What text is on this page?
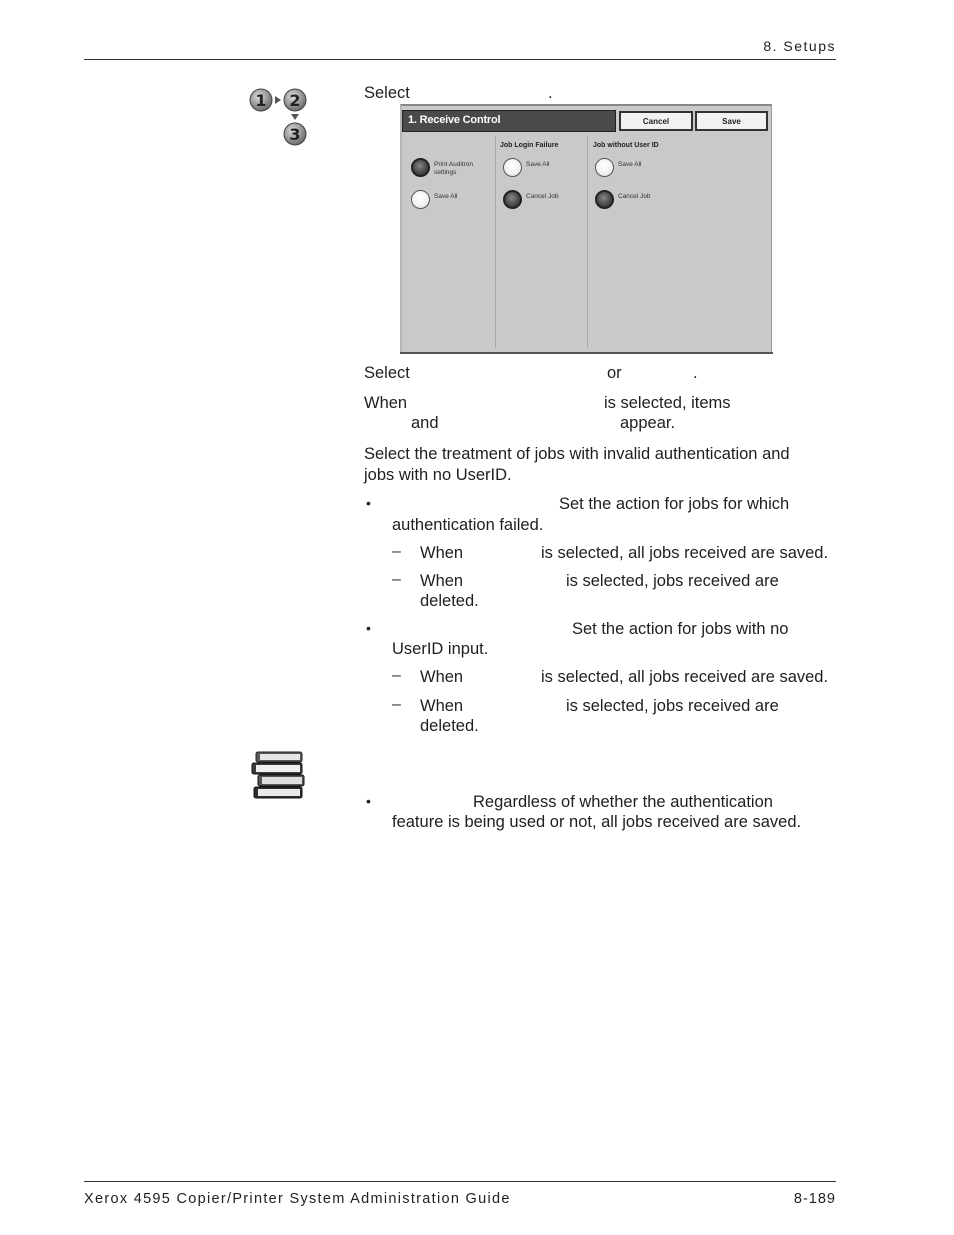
8. Setups
1 2
3
Select	.
1. Receive Control	Cancel	Save
Job Login Failure	Job without User ID
Print Auditron settings
Save All
Save All
Cancel Job
Save All
Cancel Job
Select	or	.
When	is selected, items
and	appear.
Select the treatment of jobs with invalid authentication and
jobs with no UserID.
•	Set the action for jobs for which
authentication failed.
– When	is selected, all jobs received are saved.
– When	is selected, jobs received are
deleted.
•	Set the action for jobs with no
UserID input.
– When	is selected, all jobs received are saved.
– When	is selected, jobs received are
deleted.
•	Regardless of whether the authentication
feature is being used or not, all jobs received are saved.
Xerox 4595 Copier/Printer System Administration Guide	8-189
